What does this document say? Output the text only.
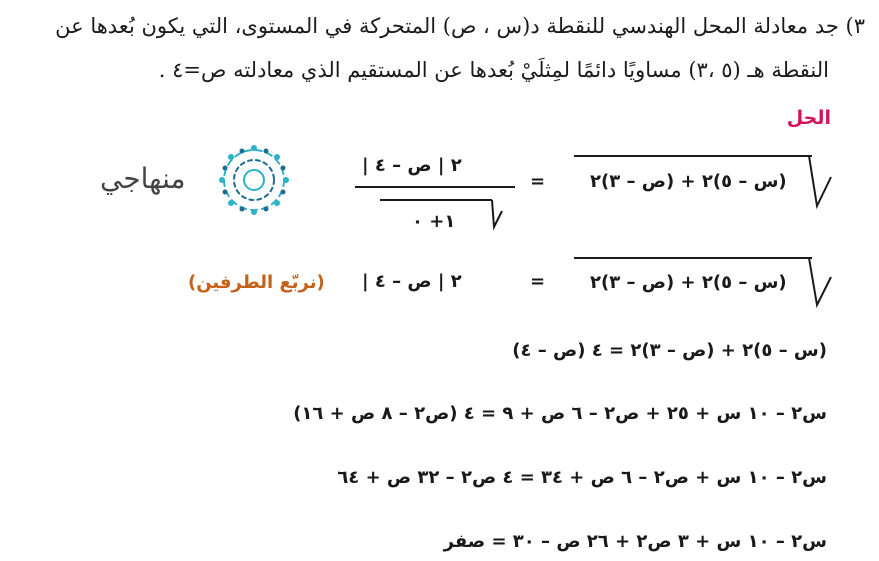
٣) جد معادلة المحل الهندسي للنقطة د(س ، ص) المتحركة في المستوى، التي يكون بُعدها عن
النقطة هـ (٥ ،٣) مساويًا دائمًا لمِثلَيْ بُعدها عن المستقيم الذي معادلته ص=٤ .
الحل
منهاجي	٢ | ص – ٤ |
١+ ٠
= (س – ٥)٢ + (ص – ٣)٢
(نربّع الطرفين) ٢ | ص – ٤ |	= (س – ٥)٢ + (ص – ٣)٢
(س – ٥)٢ + (ص – ٣)٢ = ٤ (ص – ٤)
س٢ – ١٠ س + ٢٥ + ص٢ – ٦ ص + ٩ = ٤ (ص٢ – ٨ ص + ١٦)
س٢ – ١٠ س + ص٢ – ٦ ص + ٣٤ = ٤ ص٢ – ٣٢ ص + ٦٤
س٢ – ١٠ س + ٣ ص٢ + ٢٦ ص – ٣٠ = صفر
